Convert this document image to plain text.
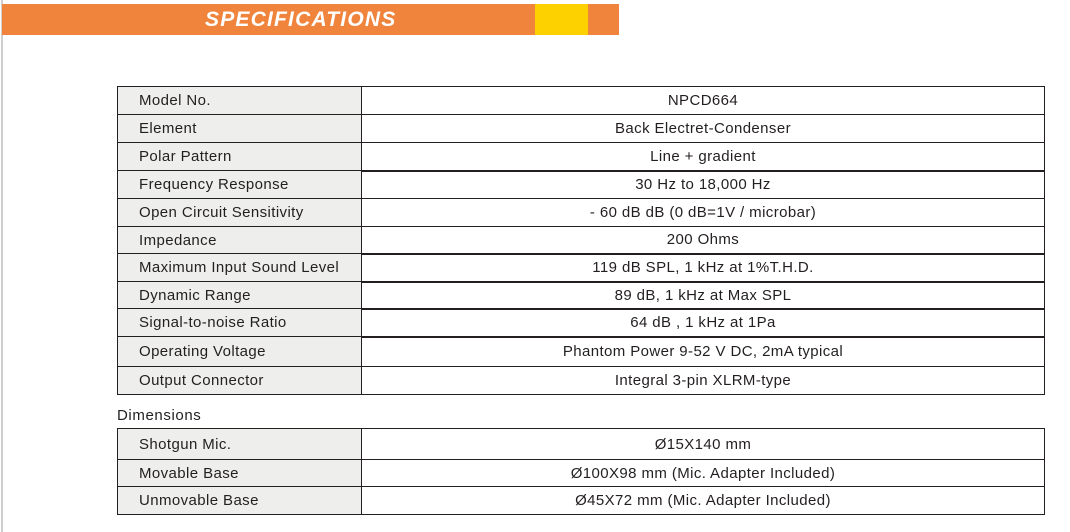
SPECIFICATIONS
Model No.	NPCD664
Element	Back Electret-Condenser
Polar Pattern	Line + gradient
Frequency Response	30 Hz to 18,000 Hz
Open Circuit Sensitivity	- 60 dB dB (0 dB=1V / microbar)
Impedance	200 Ohms
Maximum Input Sound Level	119 dB SPL, 1 kHz at 1%T.H.D.
Dynamic Range	89 dB, 1 kHz at Max SPL
Signal-to-noise Ratio	64 dB , 1 kHz at 1Pa
Operating Voltage	Phantom Power 9-52 V DC, 2mA typical
Output Connector	Integral 3-pin XLRM-type
Dimensions
Shotgun Mic.	Ø15X140 mm
Movable Base	Ø100X98 mm (Mic. Adapter Included)
Unmovable Base	Ø45X72 mm (Mic. Adapter Included)
